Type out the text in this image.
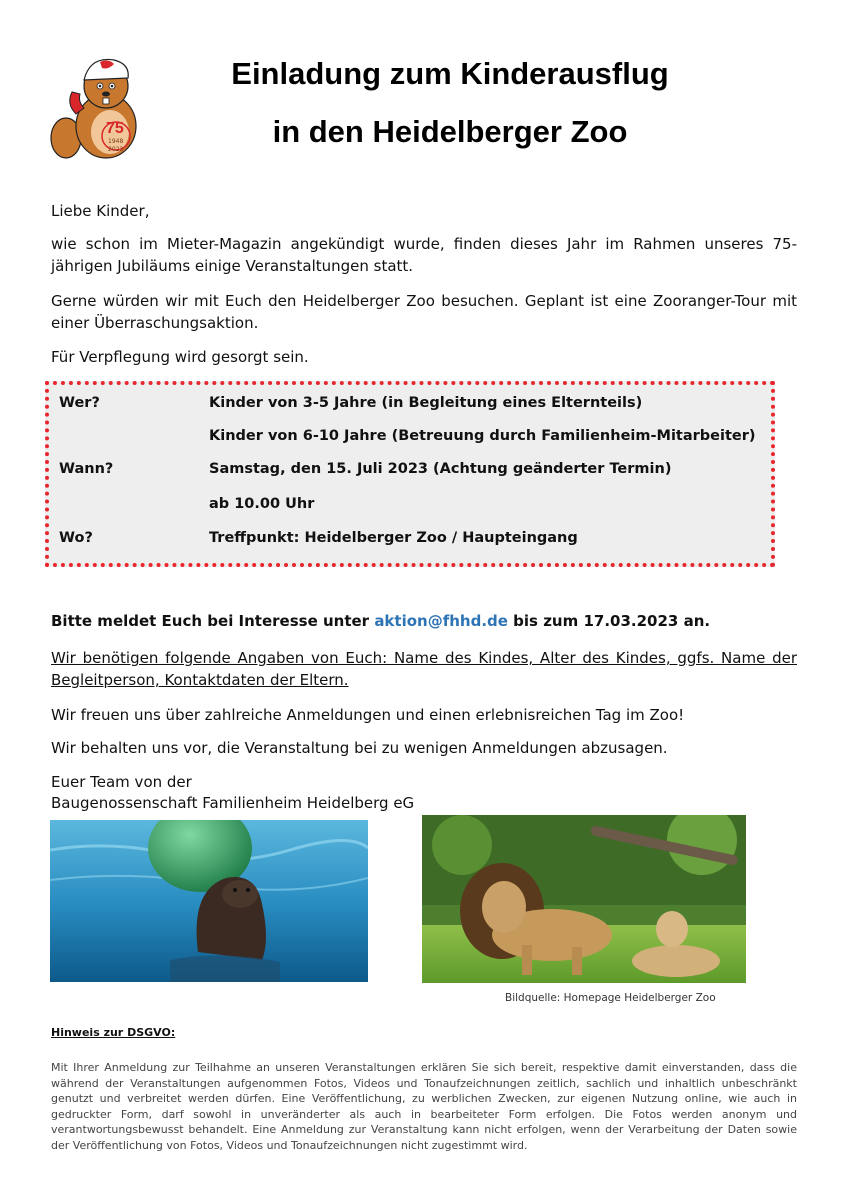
75
1948
2023
Einladung zum Kinderausflug
in den Heidelberger Zoo
Liebe Kinder,
wie schon im Mieter-Magazin angekündigt wurde, finden dieses Jahr im Rahmen unseres 75-jährigen Jubiläums einige Veranstaltungen statt.
Gerne würden wir mit Euch den Heidelberger Zoo besuchen. Geplant ist eine Zooranger-Tour mit einer Überraschungsaktion.
Für Verpflegung wird gesorgt sein.
Wer?	Kinder von 3-5 Jahre (in Begleitung eines Elternteils)
Kinder von 6-10 Jahre (Betreuung durch Familienheim-Mitarbeiter)
Wann?	Samstag, den 15. Juli 2023 (Achtung geänderter Termin)
ab 10.00 Uhr
Wo?	Treffpunkt: Heidelberger Zoo / Haupteingang
Bitte meldet Euch bei Interesse unter aktion@fhhd.de bis zum 17.03.2023 an.
Wir benötigen folgende Angaben von Euch: Name des Kindes, Alter des Kindes, ggfs. Name der Begleitperson, Kontaktdaten der Eltern.
Wir freuen uns über zahlreiche Anmeldungen und einen erlebnisreichen Tag im Zoo!
Wir behalten uns vor, die Veranstaltung bei zu wenigen Anmeldungen abzusagen.
Euer Team von der
Baugenossenschaft Familienheim Heidelberg eG
Bildquelle: Homepage Heidelberger Zoo
Hinweis zur DSGVO:
Mit Ihrer Anmeldung zur Teilhahme an unseren Veranstaltungen erklären Sie sich bereit, respektive damit einverstanden, dass die während der Veranstaltungen aufgenommen Fotos, Videos und Tonaufzeichnungen zeitlich, sachlich und inhaltlich unbeschränkt genutzt und verbreitet werden dürfen. Eine Veröffentlichung, zu werblichen Zwecken, zur eigenen Nutzung online, wie auch in gedruckter Form, darf sowohl in unveränderter als auch in bearbeiteter Form erfolgen. Die Fotos werden anonym und verantwortungsbewusst behandelt. Eine Anmeldung zur Veranstaltung kann nicht erfolgen, wenn der Verarbeitung der Daten sowie der Veröffentlichung von Fotos, Videos und Tonaufzeichnungen nicht zugestimmt wird.
